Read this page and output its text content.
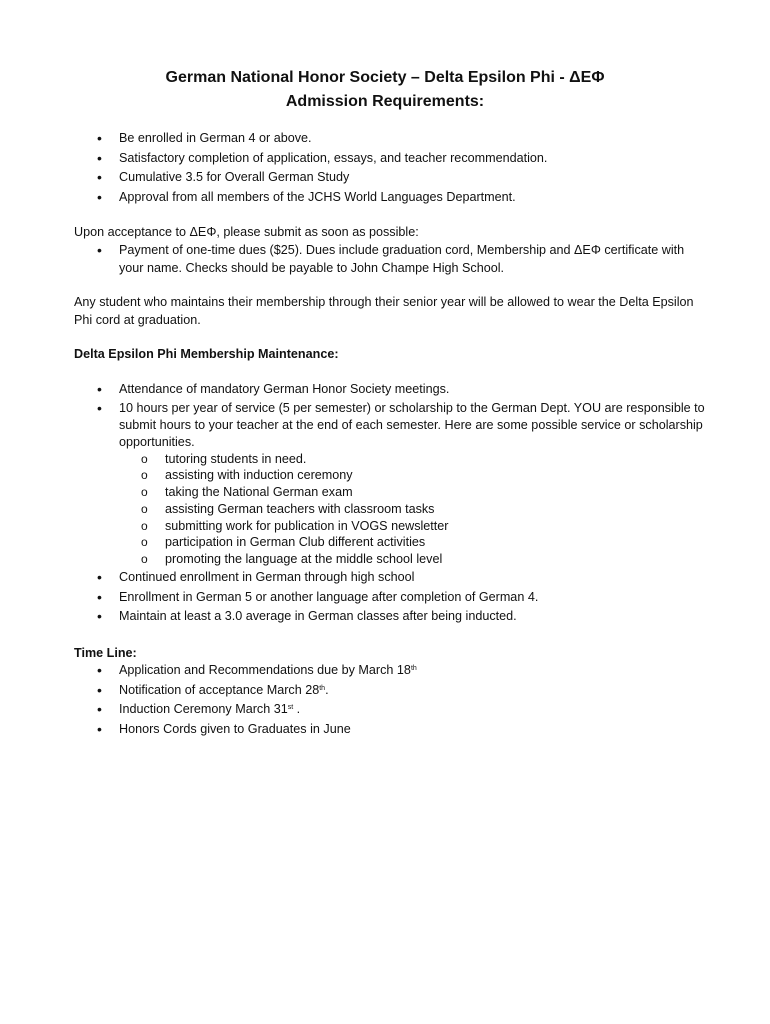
German National Honor Society – Delta Epsilon Phi - ΔΕΦ
Admission Requirements:
• Be enrolled in German 4 or above.
• Satisfactory completion of application, essays, and teacher recommendation.
• Cumulative 3.5 for Overall German Study
• Approval from all members of the JCHS World Languages Department.

Upon acceptance to ΔΕΦ, please submit as soon as possible:

• Payment of one-time dues ($25). Dues include graduation cord, Membership and ΔΕΦ certificate with your name. Checks should be payable to John Champe High School.

Any student who maintains their membership through their senior year will be allowed to wear the Delta Epsilon Phi cord at graduation.

Delta Epsilon Phi Membership Maintenance:
• Attendance of mandatory German Honor Society meetings.
• 10 hours per year of service (5 per semester) or scholarship to the German Dept. YOU are responsible to submit hours to your teacher at the end of each semester. Here are some possible service or scholarship opportunities.
o tutoring students in need.
o assisting with induction ceremony
o taking the National German exam
o assisting German teachers with classroom tasks
o submitting work for publication in VOGS newsletter
o participation in German Club different activities
o promoting the language at the middle school level
• Continued enrollment in German through high school
• Enrollment in German 5 or another language after completion of German 4.
• Maintain at least a 3.0 average in German classes after being inducted.
Time Line:
• Application and Recommendations due by March 18th
• Notification of acceptance March 28th.
• Induction Ceremony March 31st .
• Honors Cords given to Graduates in June
